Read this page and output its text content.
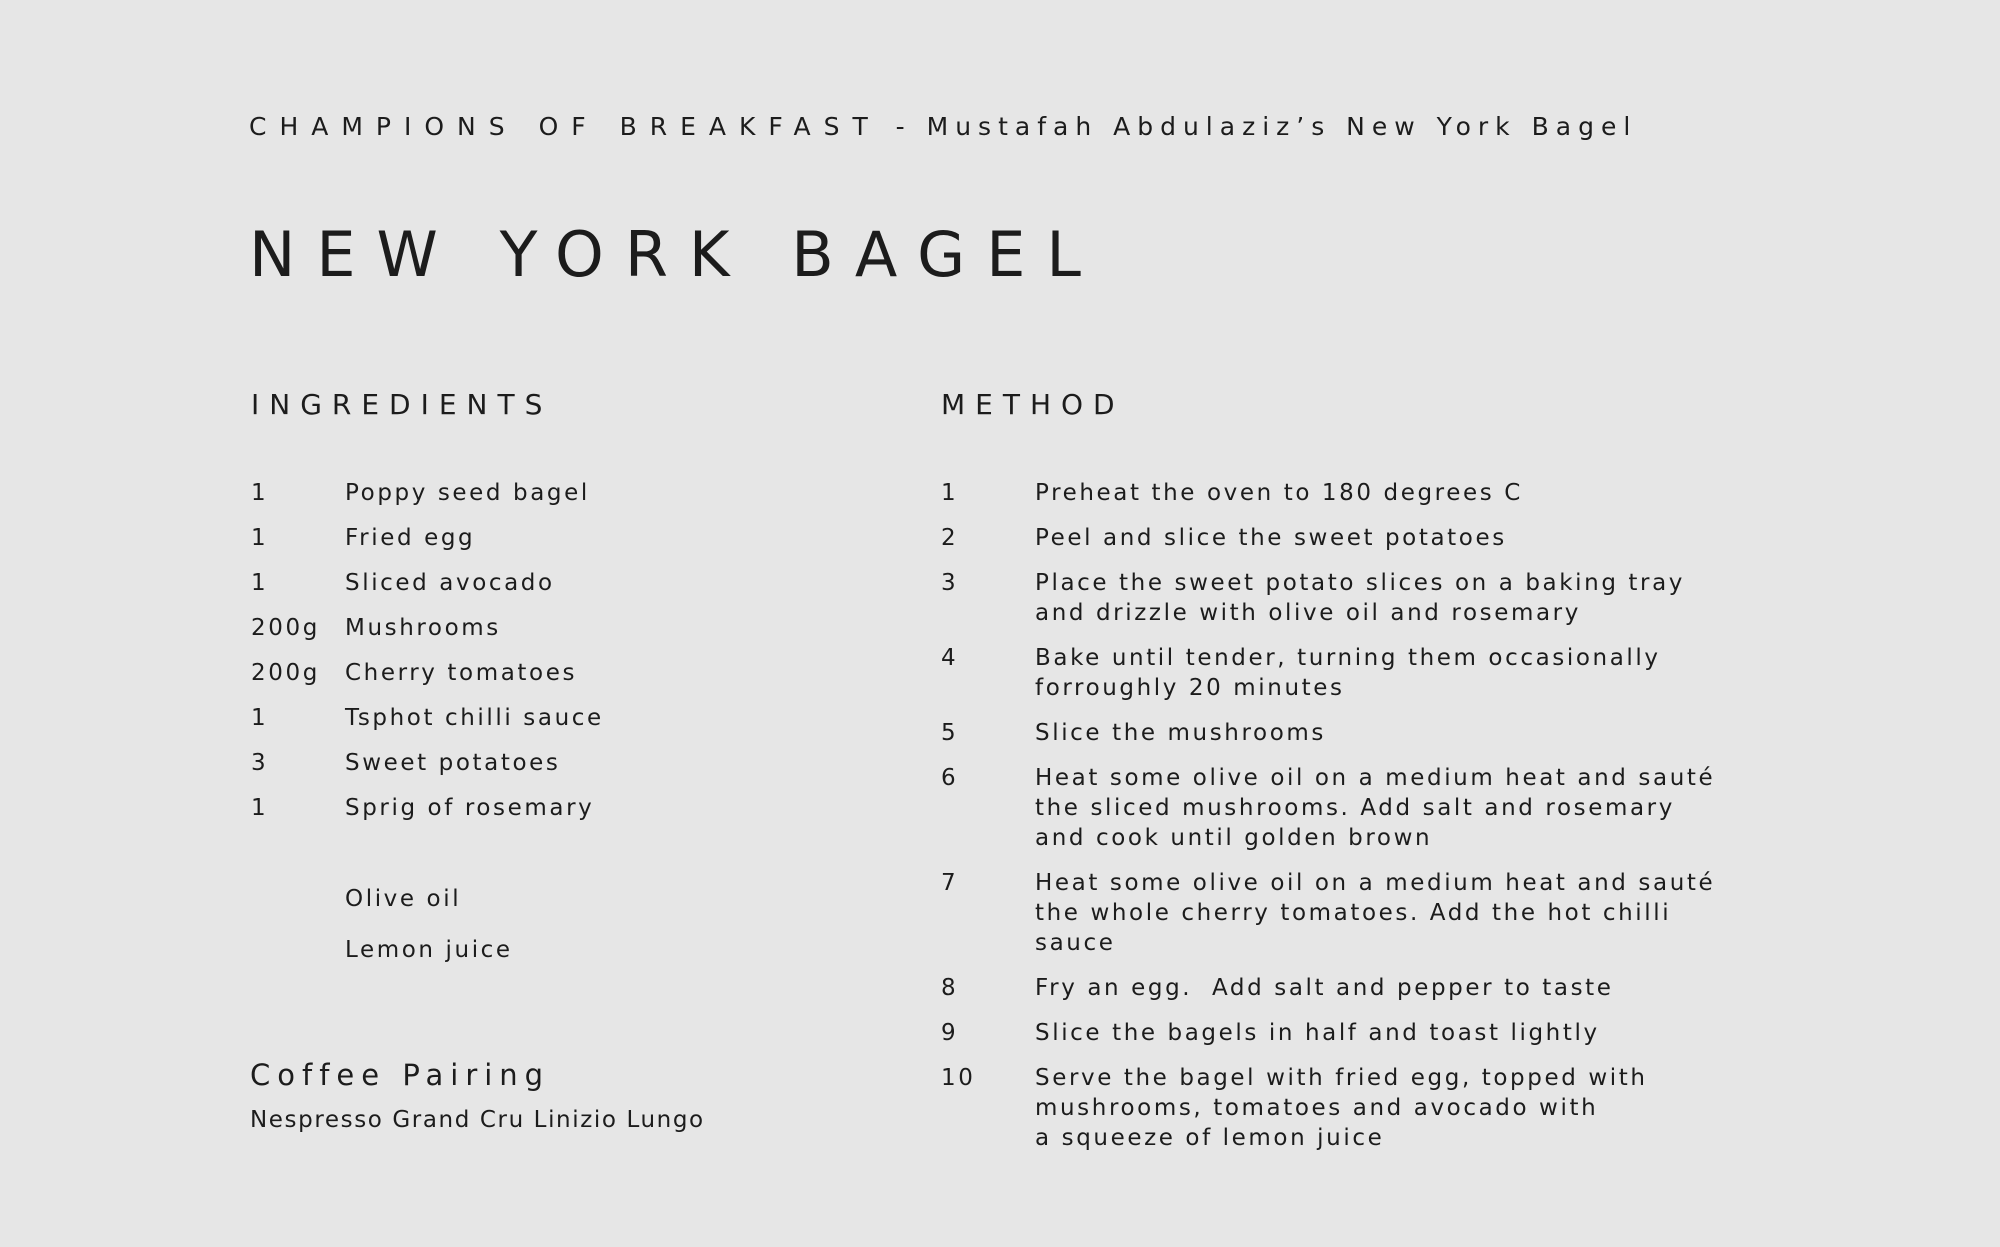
CHAMPIONS OF BREAKFAST - Mustafah Abdulaziz’s New York Bagel
NEW YORK BAGEL
INGREDIENTS	METHOD
1	Poppy seed bagel
1	Fried egg
1	Sliced avocado
200g	Mushrooms
200g	Cherry tomatoes
1	Tsphot chilli sauce
3	Sweet potatoes
1	Sprig of rosemary
Olive oil
Lemon juice
1	Preheat the oven to 180 degrees C
2	Peel and slice the sweet potatoes
3	Place the sweet potato slices on a baking tray
and drizzle with olive oil and rosemary
4	Bake until tender, turning them occasionally
forroughly 20 minutes
5	Slice the mushrooms
6	Heat some olive oil on a medium heat and sauté
the sliced mushrooms. Add salt and rosemary
and cook until golden brown
7	Heat some olive oil on a medium heat and sauté
the whole cherry tomatoes. Add the hot chilli
sauce
8	Fry an egg.  Add salt and pepper to taste
9	Slice the bagels in half and toast lightly
10	Serve the bagel with fried egg, topped with
mushrooms, tomatoes and avocado with
a squeeze of lemon juice
Coffee Pairing
Nespresso Grand Cru Linizio Lungo
